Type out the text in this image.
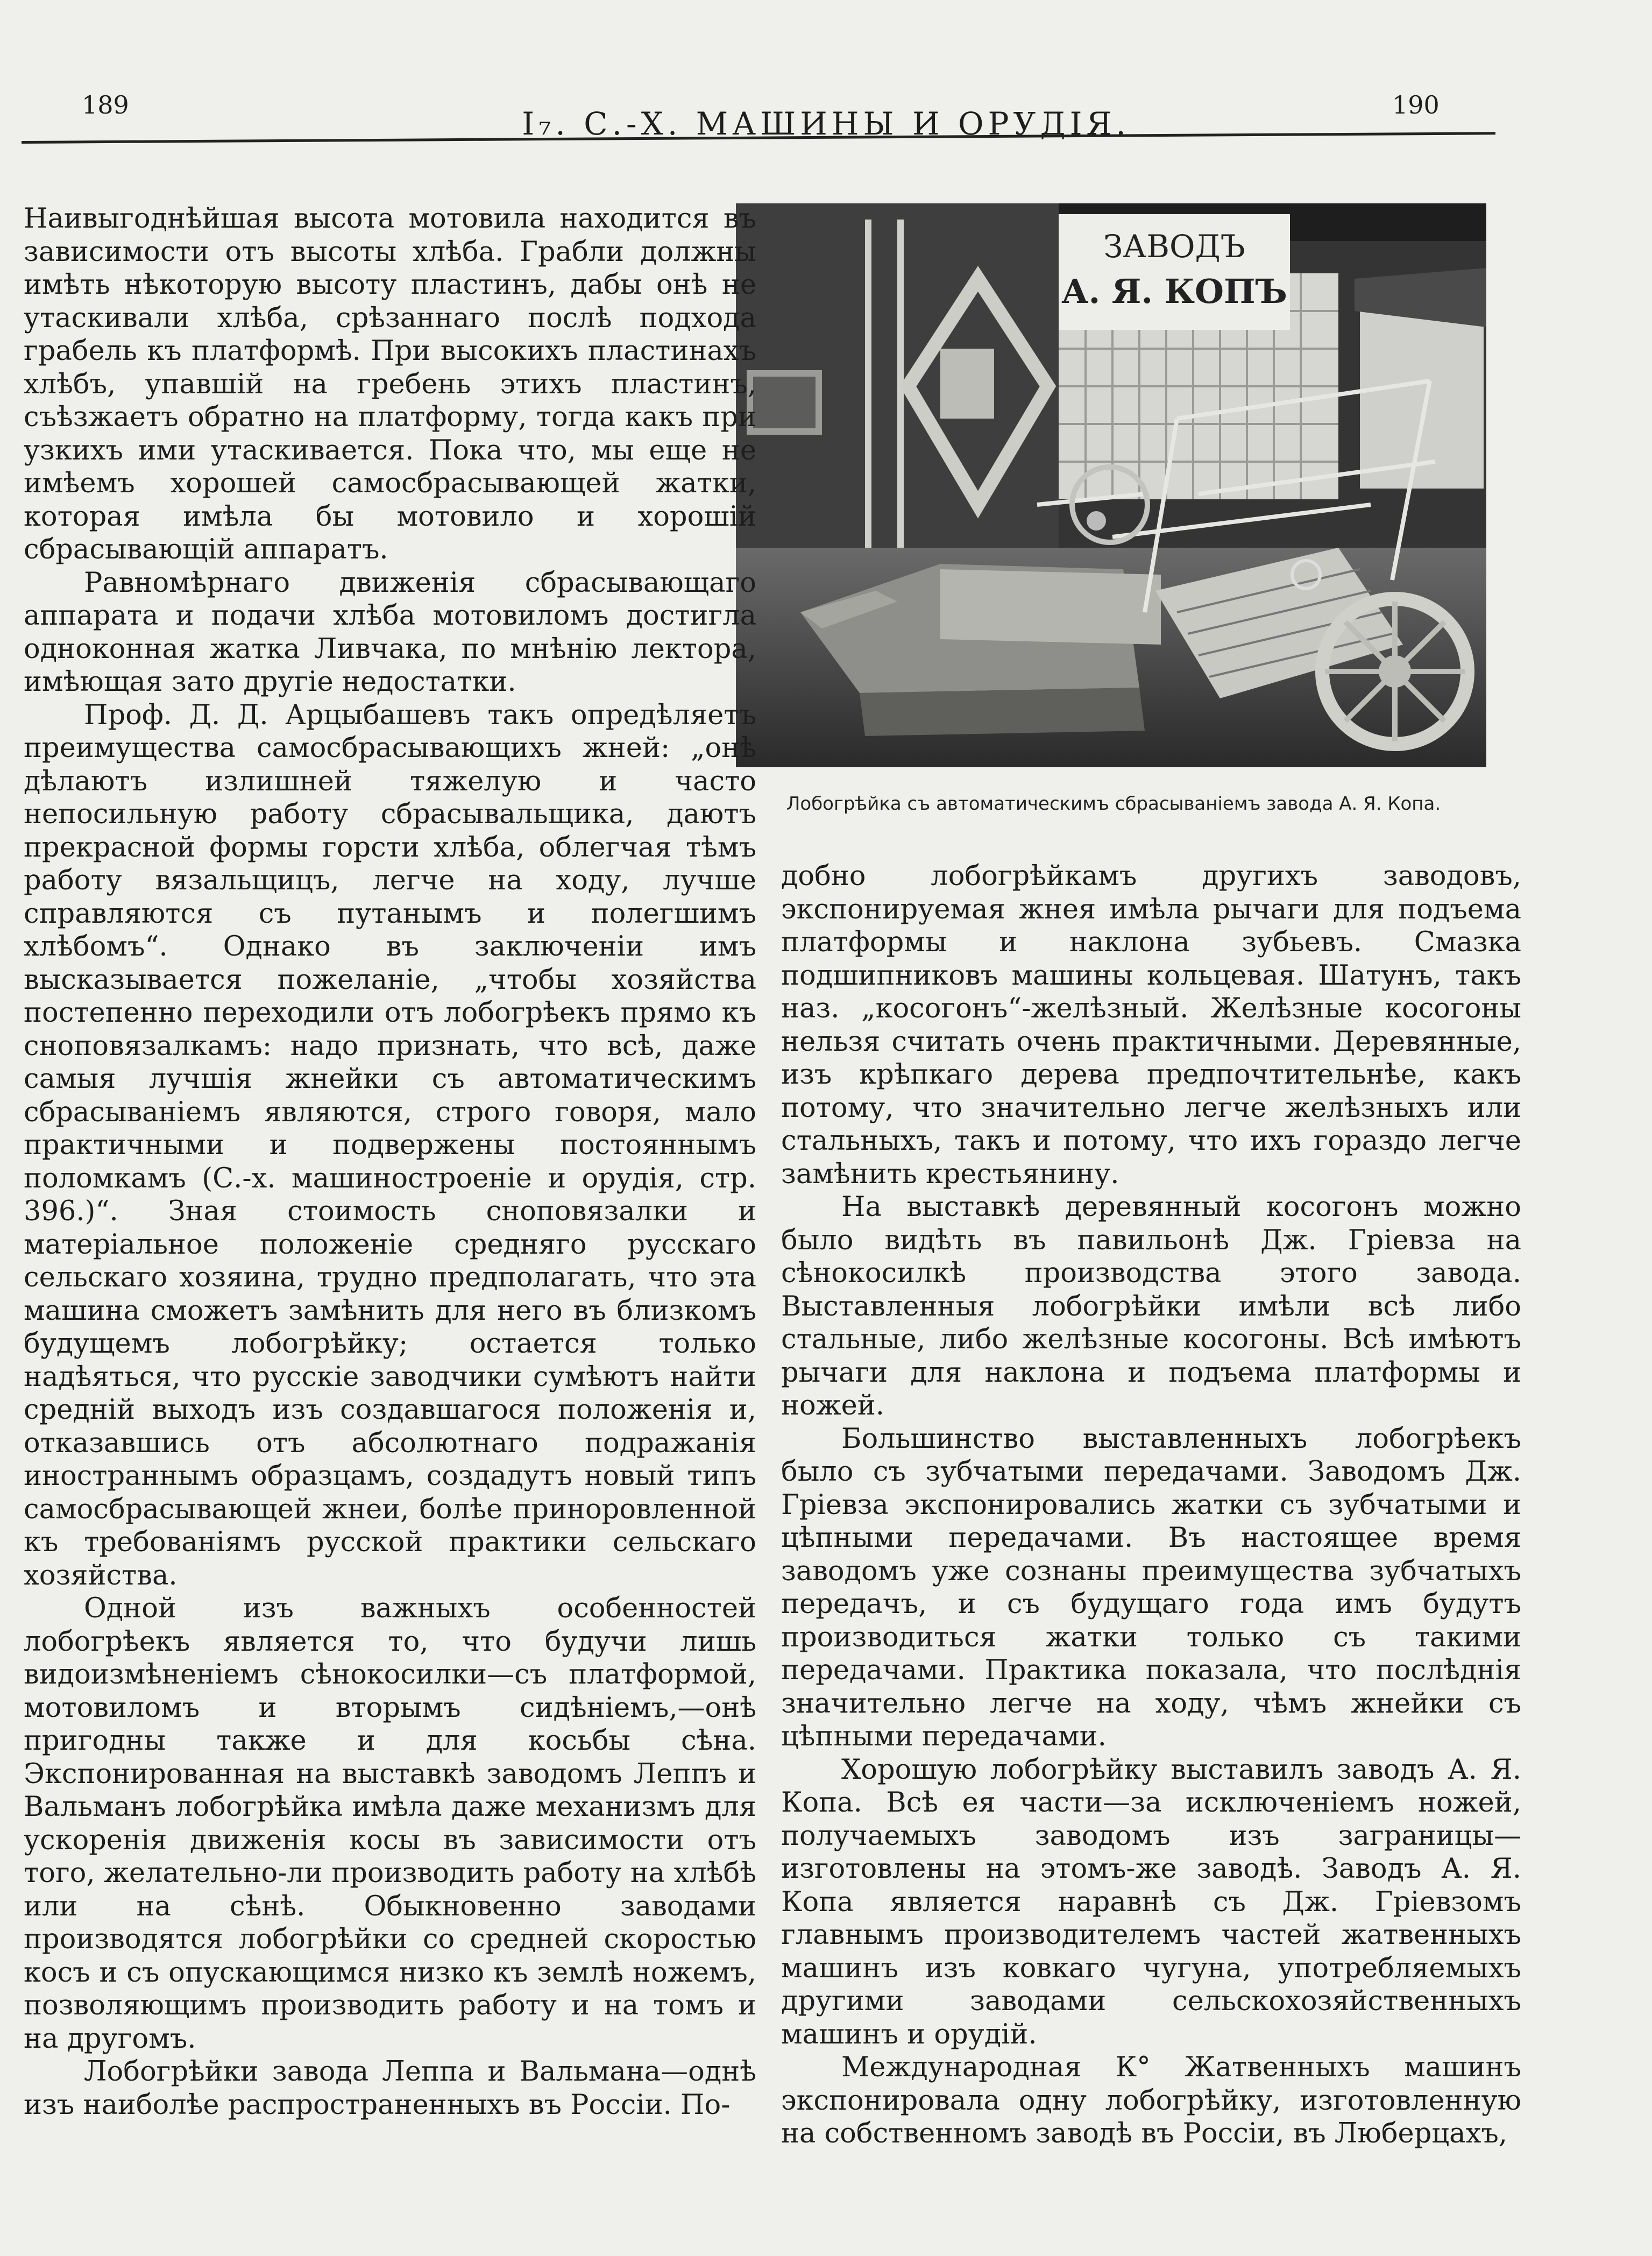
189
I₇. С.-Х. МАШИНЫ И ОРУДІЯ.
190
ЗАВОДЪ
А. Я. КОПЪ
Лобогрѣйка съ автоматическимъ сбрасываніемъ завода А. Я. Копа.

Наивыгоднѣйшая высота мотовила находится въ зависимости отъ высоты хлѣба. Грабли должны имѣть нѣкоторую высоту пластинъ, дабы онѣ не утаскивали хлѣба, срѣзаннаго послѣ подхода грабель къ платформѣ. При высокихъ пластинахъ хлѣбъ, упавшій на гребень этихъ пластинъ, съѣзжаетъ обратно на платформу, тогда какъ при узкихъ ими утаскивается. Пока что, мы еще не имѣемъ хорошей самосбрасывающей жатки, которая имѣла бы мотовило и хорошій сбрасывающій аппаратъ.

Равномѣрнаго движенія сбрасывающаго аппарата и подачи хлѣба мотовиломъ достигла одноконная жатка Ливчака, по мнѣнію лектора, имѣющая зато другіе недостатки.

Проф. Д. Д. Арцыбашевъ такъ опредѣляетъ преимущества самосбрасывающихъ жней: „онѣ дѣлаютъ излишней тяжелую и часто непосильную работу сбрасывальщика, даютъ прекрасной формы горсти хлѣба, облегчая тѣмъ работу вязальщицъ, легче на ходу, лучше справляются съ путанымъ и полегшимъ хлѣбомъ“. Однако въ заключеніи имъ высказывается пожеланіе, „чтобы хозяйства постепенно переходили отъ лобогрѣекъ прямо къ сноповязалкамъ: надо признать, что всѣ, даже самыя лучшія жнейки съ автоматическимъ сбрасываніемъ являются, строго говоря, мало практичными и подвержены постояннымъ поломкамъ (С.-х. машиностроеніе и орудія, стр. 396.)“. Зная стоимость сноповязалки и матеріальное положеніе средняго русскаго сельскаго хозяина, трудно предполагать, что эта машина сможетъ замѣнить для него въ близкомъ будущемъ лобогрѣйку; остается только надѣяться, что русскіе заводчики сумѣютъ найти средній выходъ изъ создавшагося положенія и, отказавшись отъ абсолютнаго подражанія иностраннымъ образцамъ, создадутъ новый типъ самосбрасывающей жнеи, болѣе приноровленной къ требованіямъ русской практики сельскаго хозяйства.

Одной изъ важныхъ особенностей лобогрѣекъ является то, что будучи лишь видоизмѣненіемъ сѣнокосилки—съ платформой, мотовиломъ и вторымъ сидѣніемъ,—онѣ пригодны также и для косьбы сѣна. Экспонированная на выставкѣ заводомъ Леппъ и Вальманъ лобогрѣйка имѣла даже механизмъ для ускоренія движенія косы въ зависимости отъ того, желательно-ли производить работу на хлѣбѣ или на сѣнѣ. Обыкновенно заводами производятся лобогрѣйки со средней скоростью косъ и съ опускающимся низко къ землѣ ножемъ, позволяющимъ производить работу и на томъ и на другомъ.

Лобогрѣйки завода Леппа и Вальмана—однѣ изъ наиболѣе распространенныхъ въ Россіи. По-

добно лобогрѣйкамъ другихъ заводовъ, экспонируемая жнея имѣла рычаги для подъема платформы и наклона зубьевъ. Смазка подшипниковъ машины кольцевая. Шатунъ, такъ наз. „косогонъ“-желѣзный. Желѣзные косогоны нельзя считать очень практичными. Деревянные, изъ крѣпкаго дерева предпочтительнѣе, какъ потому, что значительно легче желѣзныхъ или стальныхъ, такъ и потому, что ихъ гораздо легче замѣнить крестьянину.

На выставкѣ деревянный косогонъ можно было видѣть въ павильонѣ Дж. Гріевза на сѣнокосилкѣ производства этого завода. Выставленныя лобогрѣйки имѣли всѣ либо стальные, либо желѣзные косогоны. Всѣ имѣютъ рычаги для наклона и подъема платформы и ножей.

Большинство выставленныхъ лобогрѣекъ было съ зубчатыми передачами. Заводомъ Дж. Гріевза экспонировались жатки съ зубчатыми и цѣпными передачами. Въ настоящее время заводомъ уже сознаны преимущества зубчатыхъ передачъ, и съ будущаго года имъ будутъ производиться жатки только съ такими передачами. Практика показала, что послѣднія значительно легче на ходу, чѣмъ жнейки съ цѣпными передачами.

Хорошую лобогрѣйку выставилъ заводъ А. Я. Копа. Всѣ ея части—за исключеніемъ ножей, получаемыхъ заводомъ изъ заграницы—изготовлены на этомъ-же заводѣ. Заводъ А. Я. Копа является наравнѣ съ Дж. Гріевзомъ главнымъ производителемъ частей жатвенныхъ машинъ изъ ковкаго чугуна, употребляемыхъ другими заводами сельскохозяйственныхъ машинъ и орудій.

Международная К° Жатвенныхъ машинъ экспонировала одну лобогрѣйку, изготовленную на собственномъ заводѣ въ Россіи, въ Люберцахъ,
